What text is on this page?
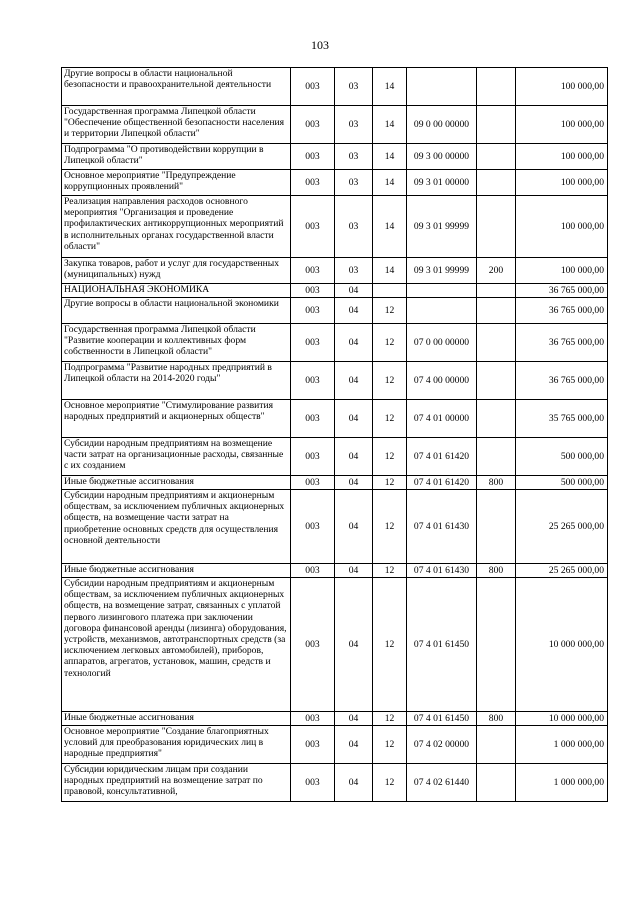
103
Другие вопросы в области национальной безопасности и правоохранительной деятельности	003	03	14			100 000,00
Государственная программа Липецкой области "Обеспечение общественной безопасности населения и территории Липецкой области"	003	03	14	09 0 00 00000		100 000,00
Подпрограмма "О противодействии коррупции в Липецкой области"	003	03	14	09 3 00 00000		100 000,00
Основное мероприятие "Предупреждение коррупционных проявлений"	003	03	14	09 3 01 00000		100 000,00
Реализация направления расходов основного мероприятия "Организация и проведение профилактических антикоррупционных мероприятий в исполнительных органах государственной власти области"	003	03	14	09 3 01 99999		100 000,00
Закупка товаров, работ и услуг для государственных (муниципальных) нужд	003	03	14	09 3 01 99999	200	100 000,00
НАЦИОНАЛЬНАЯ ЭКОНОМИКА	003	04				36 765 000,00
Другие вопросы в области национальной экономики	003	04	12			36 765 000,00
Государственная программа Липецкой области "Развитие кооперации и коллективных форм собственности в Липецкой области"	003	04	12	07 0 00 00000		36 765 000,00
Подпрограмма "Развитие народных предприятий в Липецкой области на 2014-2020 годы"	003	04	12	07 4 00 00000		36 765 000,00
Основное мероприятие "Стимулирование развития народных предприятий и акционерных обществ"	003	04	12	07 4 01 00000		35 765 000,00
Субсидии народным предприятиям на возмещение части затрат на организационные расходы, связанные с их созданием	003	04	12	07 4 01 61420		500 000,00
Иные бюджетные ассигнования	003	04	12	07 4 01 61420	800	500 000,00
Субсидии народным предприятиям и акционерным обществам, за исключением публичных акционерных обществ, на возмещение части затрат на приобретение основных средств для осуществления основной деятельности	003	04	12	07 4 01 61430		25 265 000,00
Иные бюджетные ассигнования	003	04	12	07 4 01 61430	800	25 265 000,00
Субсидии народным предприятиям и акционерным обществам, за исключением публичных акционерных обществ, на возмещение затрат, связанных с уплатой первого лизингового платежа при заключении договора финансовой аренды (лизинга) оборудования, устройств, механизмов, автотранспортных средств (за исключением легковых автомобилей), приборов, аппаратов, агрегатов, установок, машин, средств и технологий	003	04	12	07 4 01 61450		10 000 000,00
Иные бюджетные ассигнования	003	04	12	07 4 01 61450	800	10 000 000,00
Основное мероприятие "Создание благоприятных условий для преобразования юридических лиц в народные предприятия"	003	04	12	07 4 02 00000		1 000 000,00
Субсидии юридическим лицам при создании народных предприятий на возмещение затрат по правовой, консультативной,	003	04	12	07 4 02 61440		1 000 000,00
